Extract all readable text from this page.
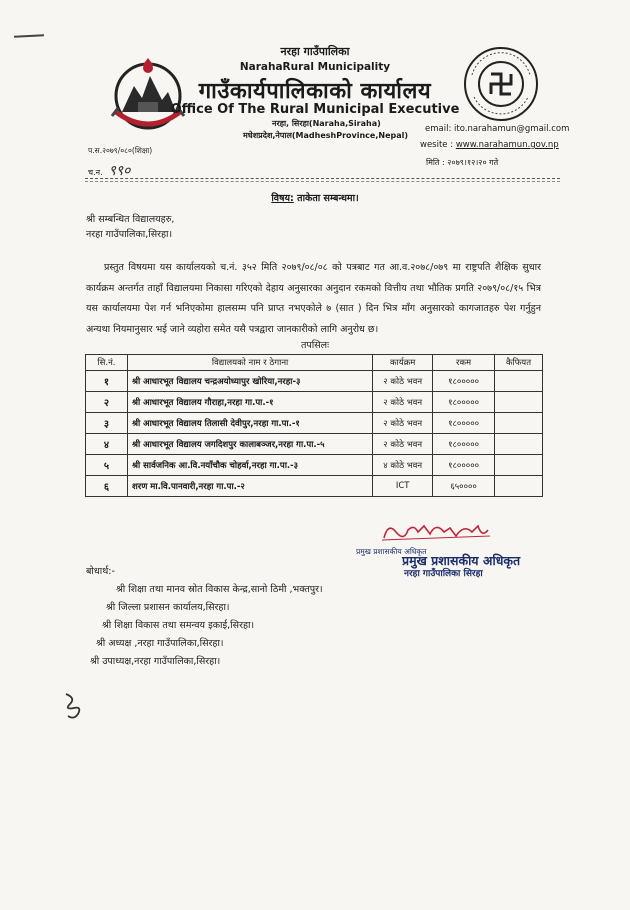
नरहा गाउँपालिका
NarahaRural Municipality
गाउँकार्यपालिकाको कार्यालय
Office Of The Rural Municipal Executive
नरहा, सिरहा(Naraha,Siraha)
मधेशप्रदेश,नेपाल(MadheshProvince,Nepal)
email: ito.narahamun@gmail.com
wesite : www.narahamun.gov.np
मिति : २०७९।१२।२० गते
प.स.२०७९/०८०(शिक्षा)
च.न. ९९०
विषय: ताकेता सम्बन्धमा।
श्री सम्बन्धित विद्यालयहरु,
नरहा गाउँपालिका,सिरहा।
प्रस्तुत विषयमा यस कार्यालयको च.नं. ३५२ मिति २०७९/०८/०८ को पत्रबाट गत आ.व.२०७८/०७९ मा राष्ट्रपति शैक्षिक सुधार कार्यक्रम अन्तर्गत ताहाँ विद्यालयमा निकासा गरिएको देहाय अनुसारका अनुदान रकमको वित्तीय तथा भौतिक प्रगति २०७९/०८/१५ भित्र यस कार्यालयमा पेश गर्न भनिएकोमा हालसम्म पनि प्राप्त नभएकोले ७ (सात ) दिन भित्र माँग अनुसारको कागजातहरु पेश गर्नुहुन अन्यथा नियमानुसार भई जाने व्यहोरा समेत यसै पत्रद्वारा जानकारीको लागि अनुरोध छ।
तपसिलः
सि.नं.	विद्यालयको नाम र ठेगाना	कार्यक्रम	रकम	कैफियत
१	श्री आधारभूत विद्यालय चन्द्रअयोध्यापुर खोरिया,नरहा-३	२ कोठे भवन	१८०००००	
२	श्री आधारभूत विद्यालय गौराहा,नरहा गा.पा.-१	२ कोठे भवन	१८०००००	
३	श्री आधारभूत विद्यालय तिलासी देवीपुर,नरहा गा.पा.-१	२ कोठे भवन	१८०००००	
४	श्री आधारभूत विद्यालय जगदिशपुर कालाबञ्जर,नरहा गा.पा.-५	२ कोठे भवन	१८०००००	
५	श्री सार्वजनिक आ.वि.नयाँचौक चोहर्वा,नरहा गा.पा.-३	४ कोठे भवन	१८०००००	
६	शरण मा.वि.पानवारी,नरहा गा.पा.-२	ICT	६५००००	
$^{प्रमुख प्रशासकीय अधिकृत}$
प्रमुख प्रशासकीय अधिकृत
नरहा गाउँपालिका सिरहा
बोधार्थ:-
श्री शिक्षा तथा मानव स्रोत विकास केन्द्र,सानो ठिमी ,भक्तपुर।
श्री जिल्ला प्रशासन कार्यालय,सिरहा।
श्री शिक्षा विकास तथा समन्वय इकाई,सिरहा।
श्री अध्यक्ष ,नरहा गाउँपालिका,सिरहा।
श्री उपाध्यक्ष,नरहा गाउँपालिका,सिरहा।
